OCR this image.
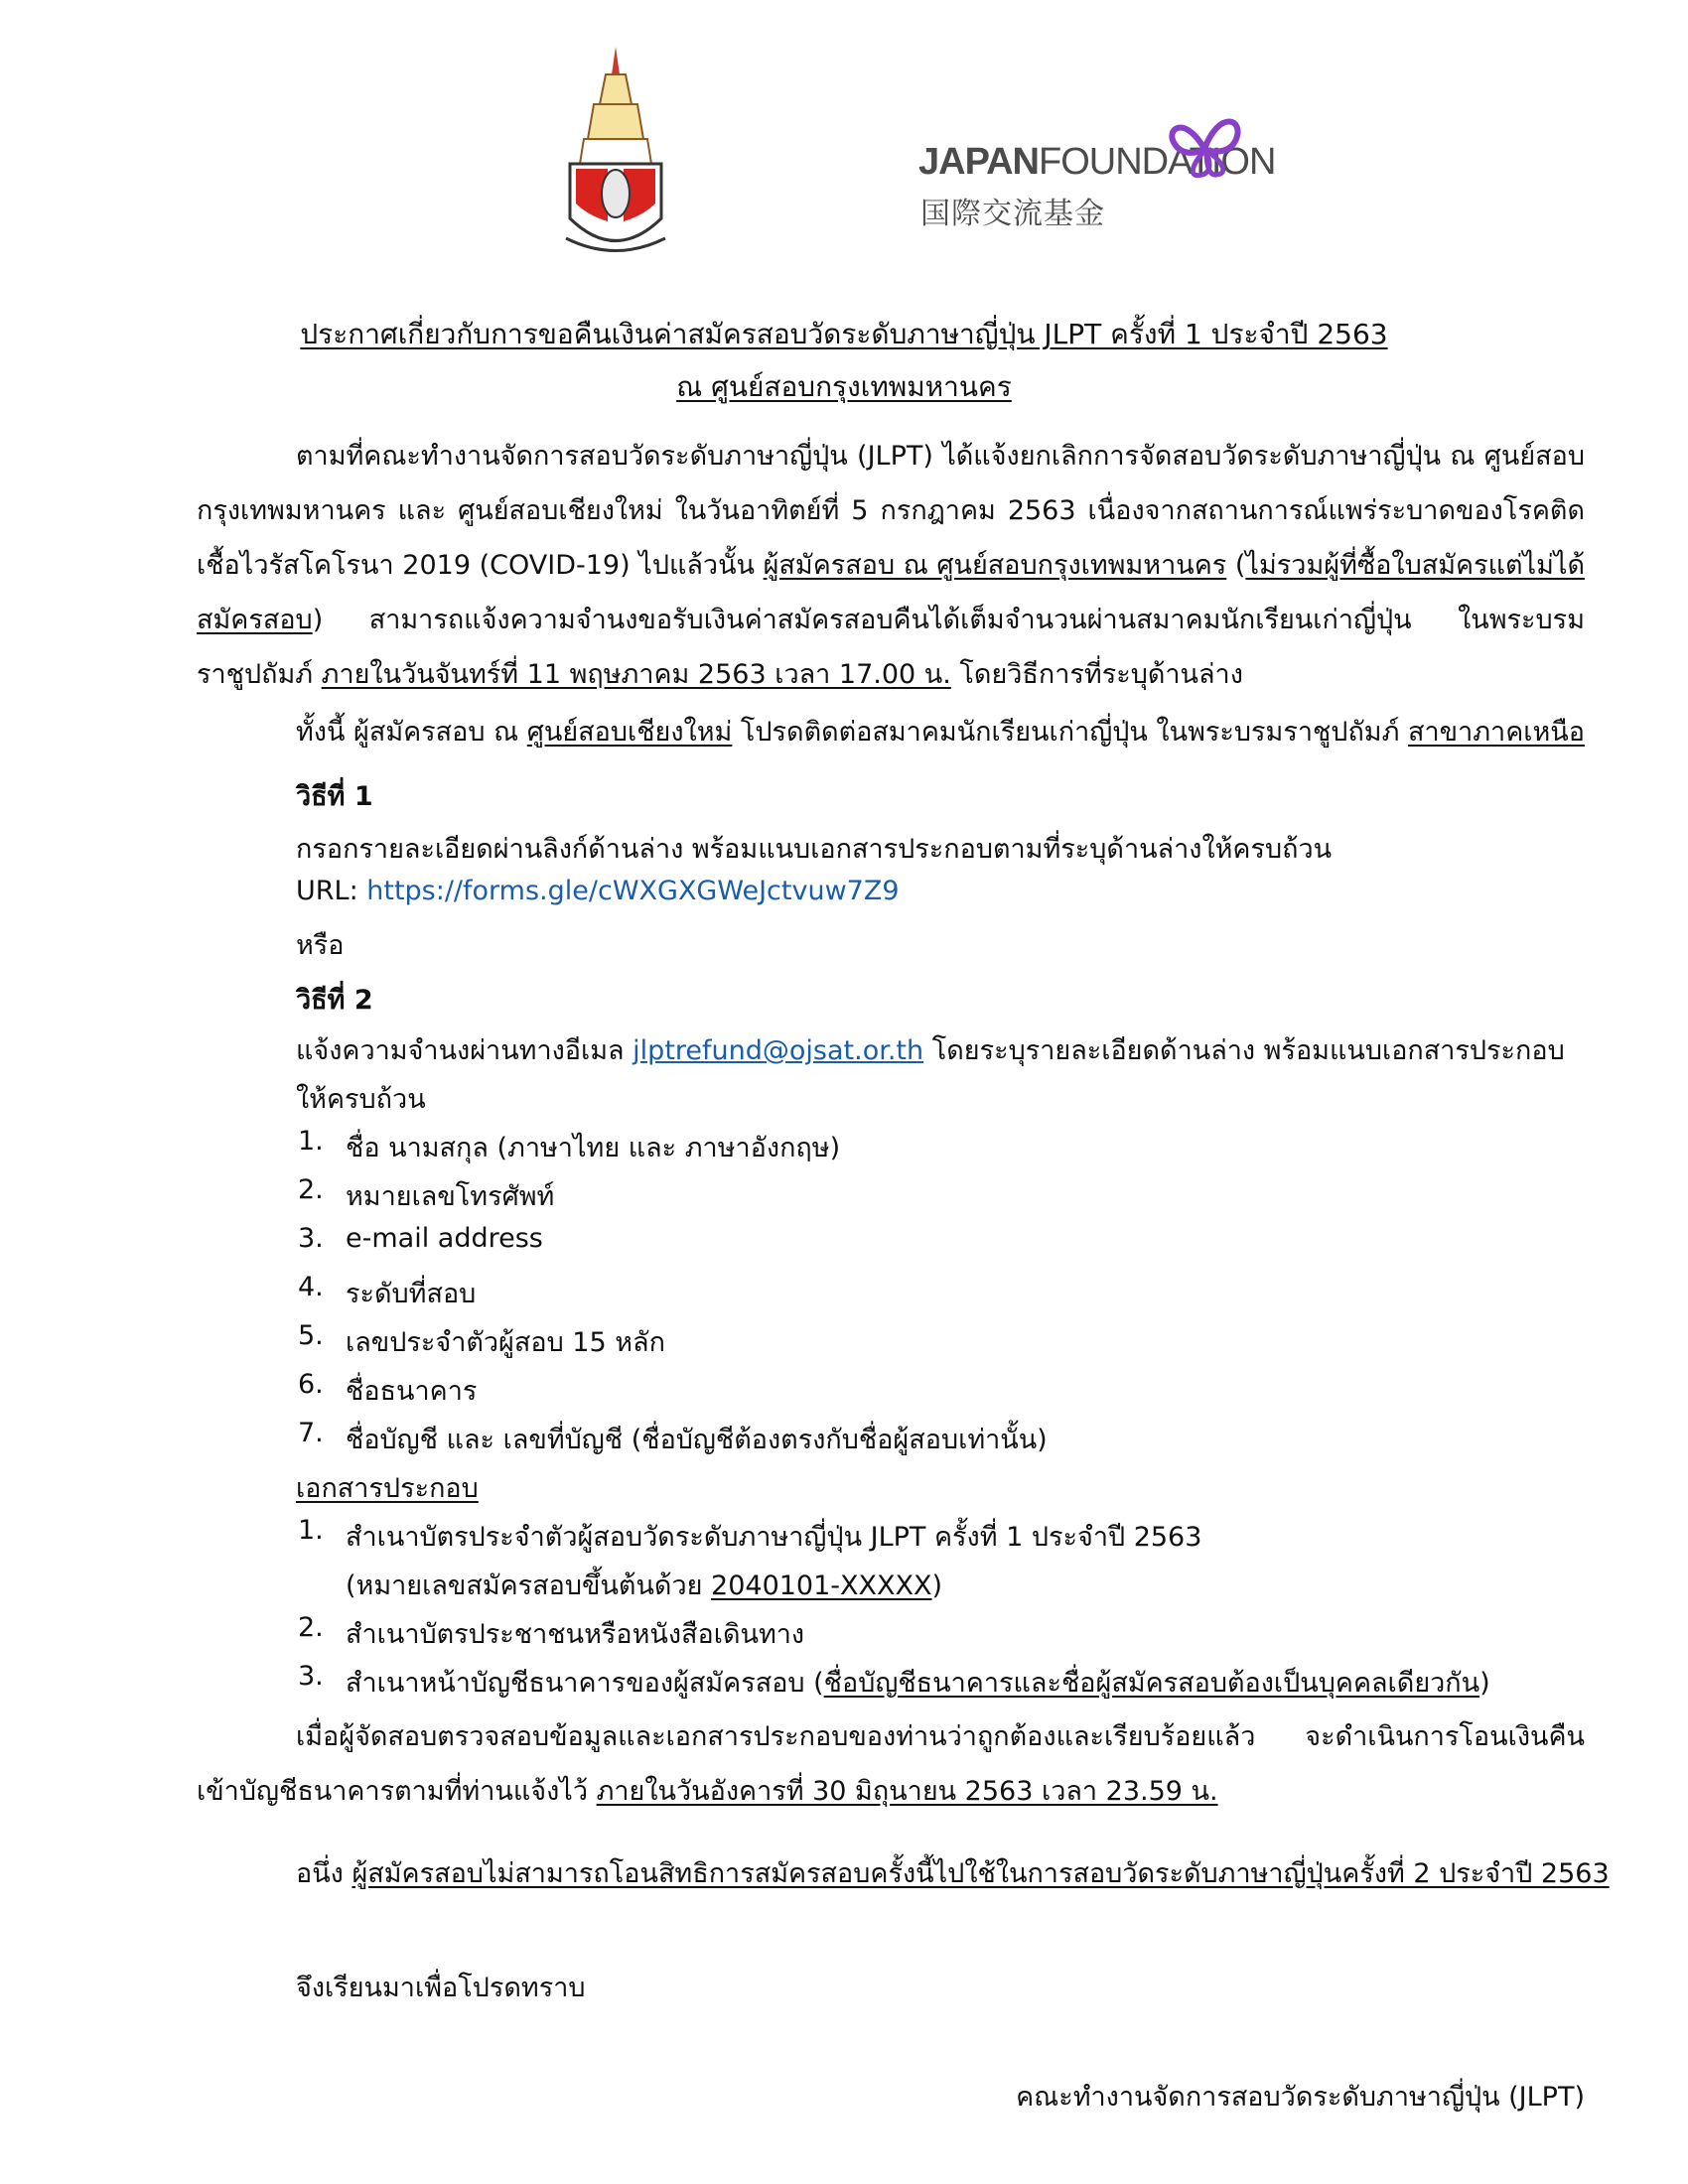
JAPANFOUNDATION
国際交流基金
ประกาศเกี่ยวกับการขอคืนเงินค่าสมัครสอบวัดระดับภาษาญี่ปุ่น JLPT ครั้งที่ 1 ประจำปี 2563
ณ ศูนย์สอบกรุงเทพมหานคร
ตามที่คณะทำงานจัดการสอบวัดระดับภาษาญี่ปุ่น (JLPT) ได้แจ้งยกเลิกการจัดสอบวัดระดับภาษาญี่ปุ่น ณ ศูนย์สอบกรุงเทพมหานคร และ ศูนย์สอบเชียงใหม่ ในวันอาทิตย์ที่ 5 กรกฎาคม 2563 เนื่องจากสถานการณ์แพร่ระบาดของโรคติดเชื้อไวรัสโคโรนา 2019 (COVID-19) ไปแล้วนั้น ผู้สมัครสอบ ณ ศูนย์สอบกรุงเทพมหานคร (ไม่รวมผู้ที่ซื้อใบสมัครแต่ไม่ได้สมัครสอบ) สามารถแจ้งความจำนงขอรับเงินค่าสมัครสอบคืนได้เต็มจำนวนผ่านสมาคมนักเรียนเก่าญี่ปุ่น ในพระบรมราชูปถัมภ์ ภายในวันจันทร์ที่ 11 พฤษภาคม 2563 เวลา 17.00 น. โดยวิธีการที่ระบุด้านล่าง
ทั้งนี้ ผู้สมัครสอบ ณ ศูนย์สอบเชียงใหม่ โปรดติดต่อสมาคมนักเรียนเก่าญี่ปุ่น ในพระบรมราชูปถัมภ์ สาขาภาคเหนือ
วิธีที่ 1
กรอกรายละเอียดผ่านลิงก์ด้านล่าง พร้อมแนบเอกสารประกอบตามที่ระบุด้านล่างให้ครบถ้วน
URL: https://forms.gle/cWXGXGWeJctvuw7Z9
หรือ
วิธีที่ 2
แจ้งความจำนงผ่านทางอีเมล jlptrefund@ojsat.or.th โดยระบุรายละเอียดด้านล่าง พร้อมแนบเอกสารประกอบ
ให้ครบถ้วน
1. ชื่อ นามสกุล (ภาษาไทย และ ภาษาอังกฤษ)
2. หมายเลขโทรศัพท์
3. e-mail address
4. ระดับที่สอบ
5. เลขประจำตัวผู้สอบ 15 หลัก
6. ชื่อธนาคาร
7. ชื่อบัญชี และ เลขที่บัญชี (ชื่อบัญชีต้องตรงกับชื่อผู้สอบเท่านั้น)
เอกสารประกอบ
1. สำเนาบัตรประจำตัวผู้สอบวัดระดับภาษาญี่ปุ่น JLPT ครั้งที่ 1 ประจำปี 2563
(หมายเลขสมัครสอบขึ้นต้นด้วย 2040101-XXXXX)
2. สำเนาบัตรประชาชนหรือหนังสือเดินทาง
3. สำเนาหน้าบัญชีธนาคารของผู้สมัครสอบ (ชื่อบัญชีธนาคารและชื่อผู้สมัครสอบต้องเป็นบุคคลเดียวกัน)
เมื่อผู้จัดสอบตรวจสอบข้อมูลและเอกสารประกอบของท่านว่าถูกต้องและเรียบร้อยแล้ว จะดำเนินการโอนเงินคืนเข้าบัญชีธนาคารตามที่ท่านแจ้งไว้ ภายในวันอังคารที่ 30 มิถุนายน 2563 เวลา 23.59 น.
อนึ่ง ผู้สมัครสอบไม่สามารถโอนสิทธิการสมัครสอบครั้งนี้ไปใช้ในการสอบวัดระดับภาษาญี่ปุ่นครั้งที่ 2 ประจำปี 2563
จึงเรียนมาเพื่อโปรดทราบ
คณะทำงานจัดการสอบวัดระดับภาษาญี่ปุ่น (JLPT)
